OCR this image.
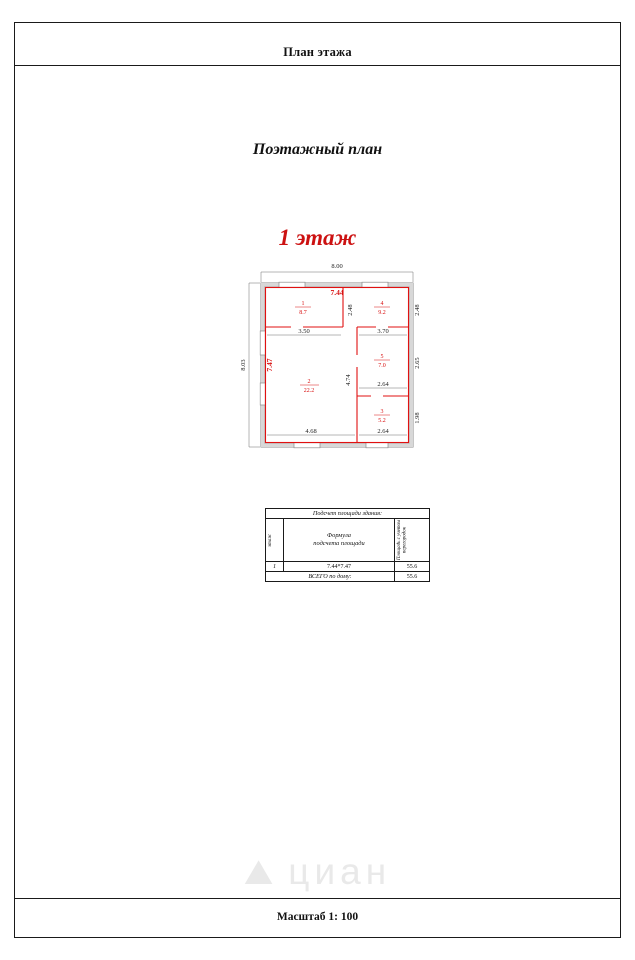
План этажа
Поэтажный план
1 этаж
8.00
7.44
8.03 7.47
3.50
2.48
3.70
2.48
4.68
4.74	2.64
2.65
2.64
1.98
1
8.7
4
9.2
2
22.2
5
7.0
3
5.2
Подсчет площади здания:		

этаж	Формула
подсчета площади	Площадь с учетом
перегородок

1	7.44*7.47	55.6
ВСЕГО по дому:		55.6
⛰ циан
Масштаб 1: 100
